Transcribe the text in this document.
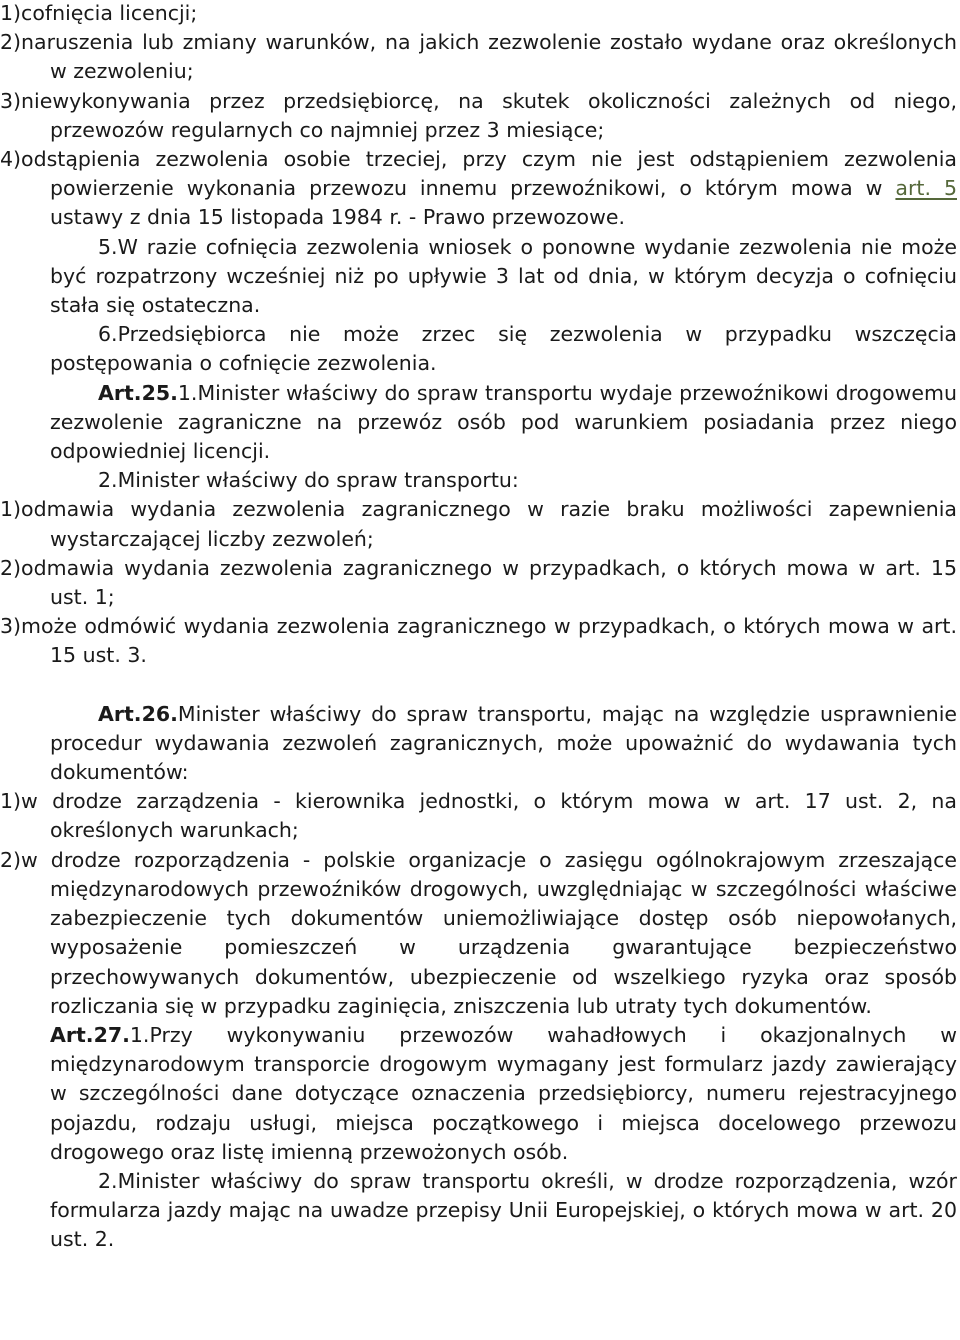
1)cofnięcia licencji;

2)naruszenia lub zmiany warunków, na jakich zezwolenie zostało wydane oraz określonych w zezwoleniu;

3)niewykonywania przez przedsiębiorcę, na skutek okoliczności zależnych od niego, przewozów regularnych co najmniej przez 3 miesiące;

4)odstąpienia zezwolenia osobie trzeciej, przy czym nie jest odstąpieniem zezwolenia powierzenie wykonania przewozu innemu przewoźnikowi, o którym mowa w art. 5 ustawy z dnia 15 listopada 1984 r. - Prawo przewozowe.

5.W razie cofnięcia zezwolenia wniosek o ponowne wydanie zezwolenia nie może być rozpatrzony wcześniej niż po upływie 3 lat od dnia, w którym decyzja o cofnięciu stała się ostateczna.

6.Przedsiębiorca nie może zrzec się zezwolenia w przypadku wszczęcia postępowania o cofnięcie zezwolenia.

Art.25.1.Minister właściwy do spraw transportu wydaje przewoźnikowi drogowemu zezwolenie zagraniczne na przewóz osób pod warunkiem posiadania przez niego odpowiedniej licencji.

2.Minister właściwy do spraw transportu:

1)odmawia wydania zezwolenia zagranicznego w razie braku możliwości zapewnienia wystarczającej liczby zezwoleń;

2)odmawia wydania zezwolenia zagranicznego w przypadkach, o których mowa w art. 15 ust. 1;

3)może odmówić wydania zezwolenia zagranicznego w przypadkach, o których mowa w art. 15 ust. 3.

Art.26.Minister właściwy do spraw transportu, mając na względzie usprawnienie procedur wydawania zezwoleń zagranicznych, może upoważnić do wydawania tych dokumentów:

1)w drodze zarządzenia - kierownika jednostki, o którym mowa w art. 17 ust. 2, na określonych warunkach;

2)w drodze rozporządzenia - polskie organizacje o zasięgu ogólnokrajowym zrzeszające międzynarodowych przewoźników drogowych, uwzględniając w szczególności właściwe zabezpieczenie tych dokumentów uniemożliwiające dostęp osób niepowołanych, wyposażenie pomieszczeń w urządzenia gwarantujące bezpieczeństwo przechowywanych dokumentów, ubezpieczenie od wszelkiego ryzyka oraz sposób rozliczania się w przypadku zaginięcia, zniszczenia lub utraty tych dokumentów.

Art.27.1.Przy wykonywaniu przewozów wahadłowych i okazjonalnych w międzynarodowym transporcie drogowym wymagany jest formularz jazdy zawierający w szczególności dane dotyczące oznaczenia przedsiębiorcy, numeru rejestracyjnego pojazdu, rodzaju usługi, miejsca początkowego i miejsca docelowego przewozu drogowego oraz listę imienną przewożonych osób.

2.Minister właściwy do spraw transportu określi, w drodze rozporządzenia, wzór formularza jazdy mając na uwadze przepisy Unii Europejskiej, o których mowa w art. 20 ust. 2.
